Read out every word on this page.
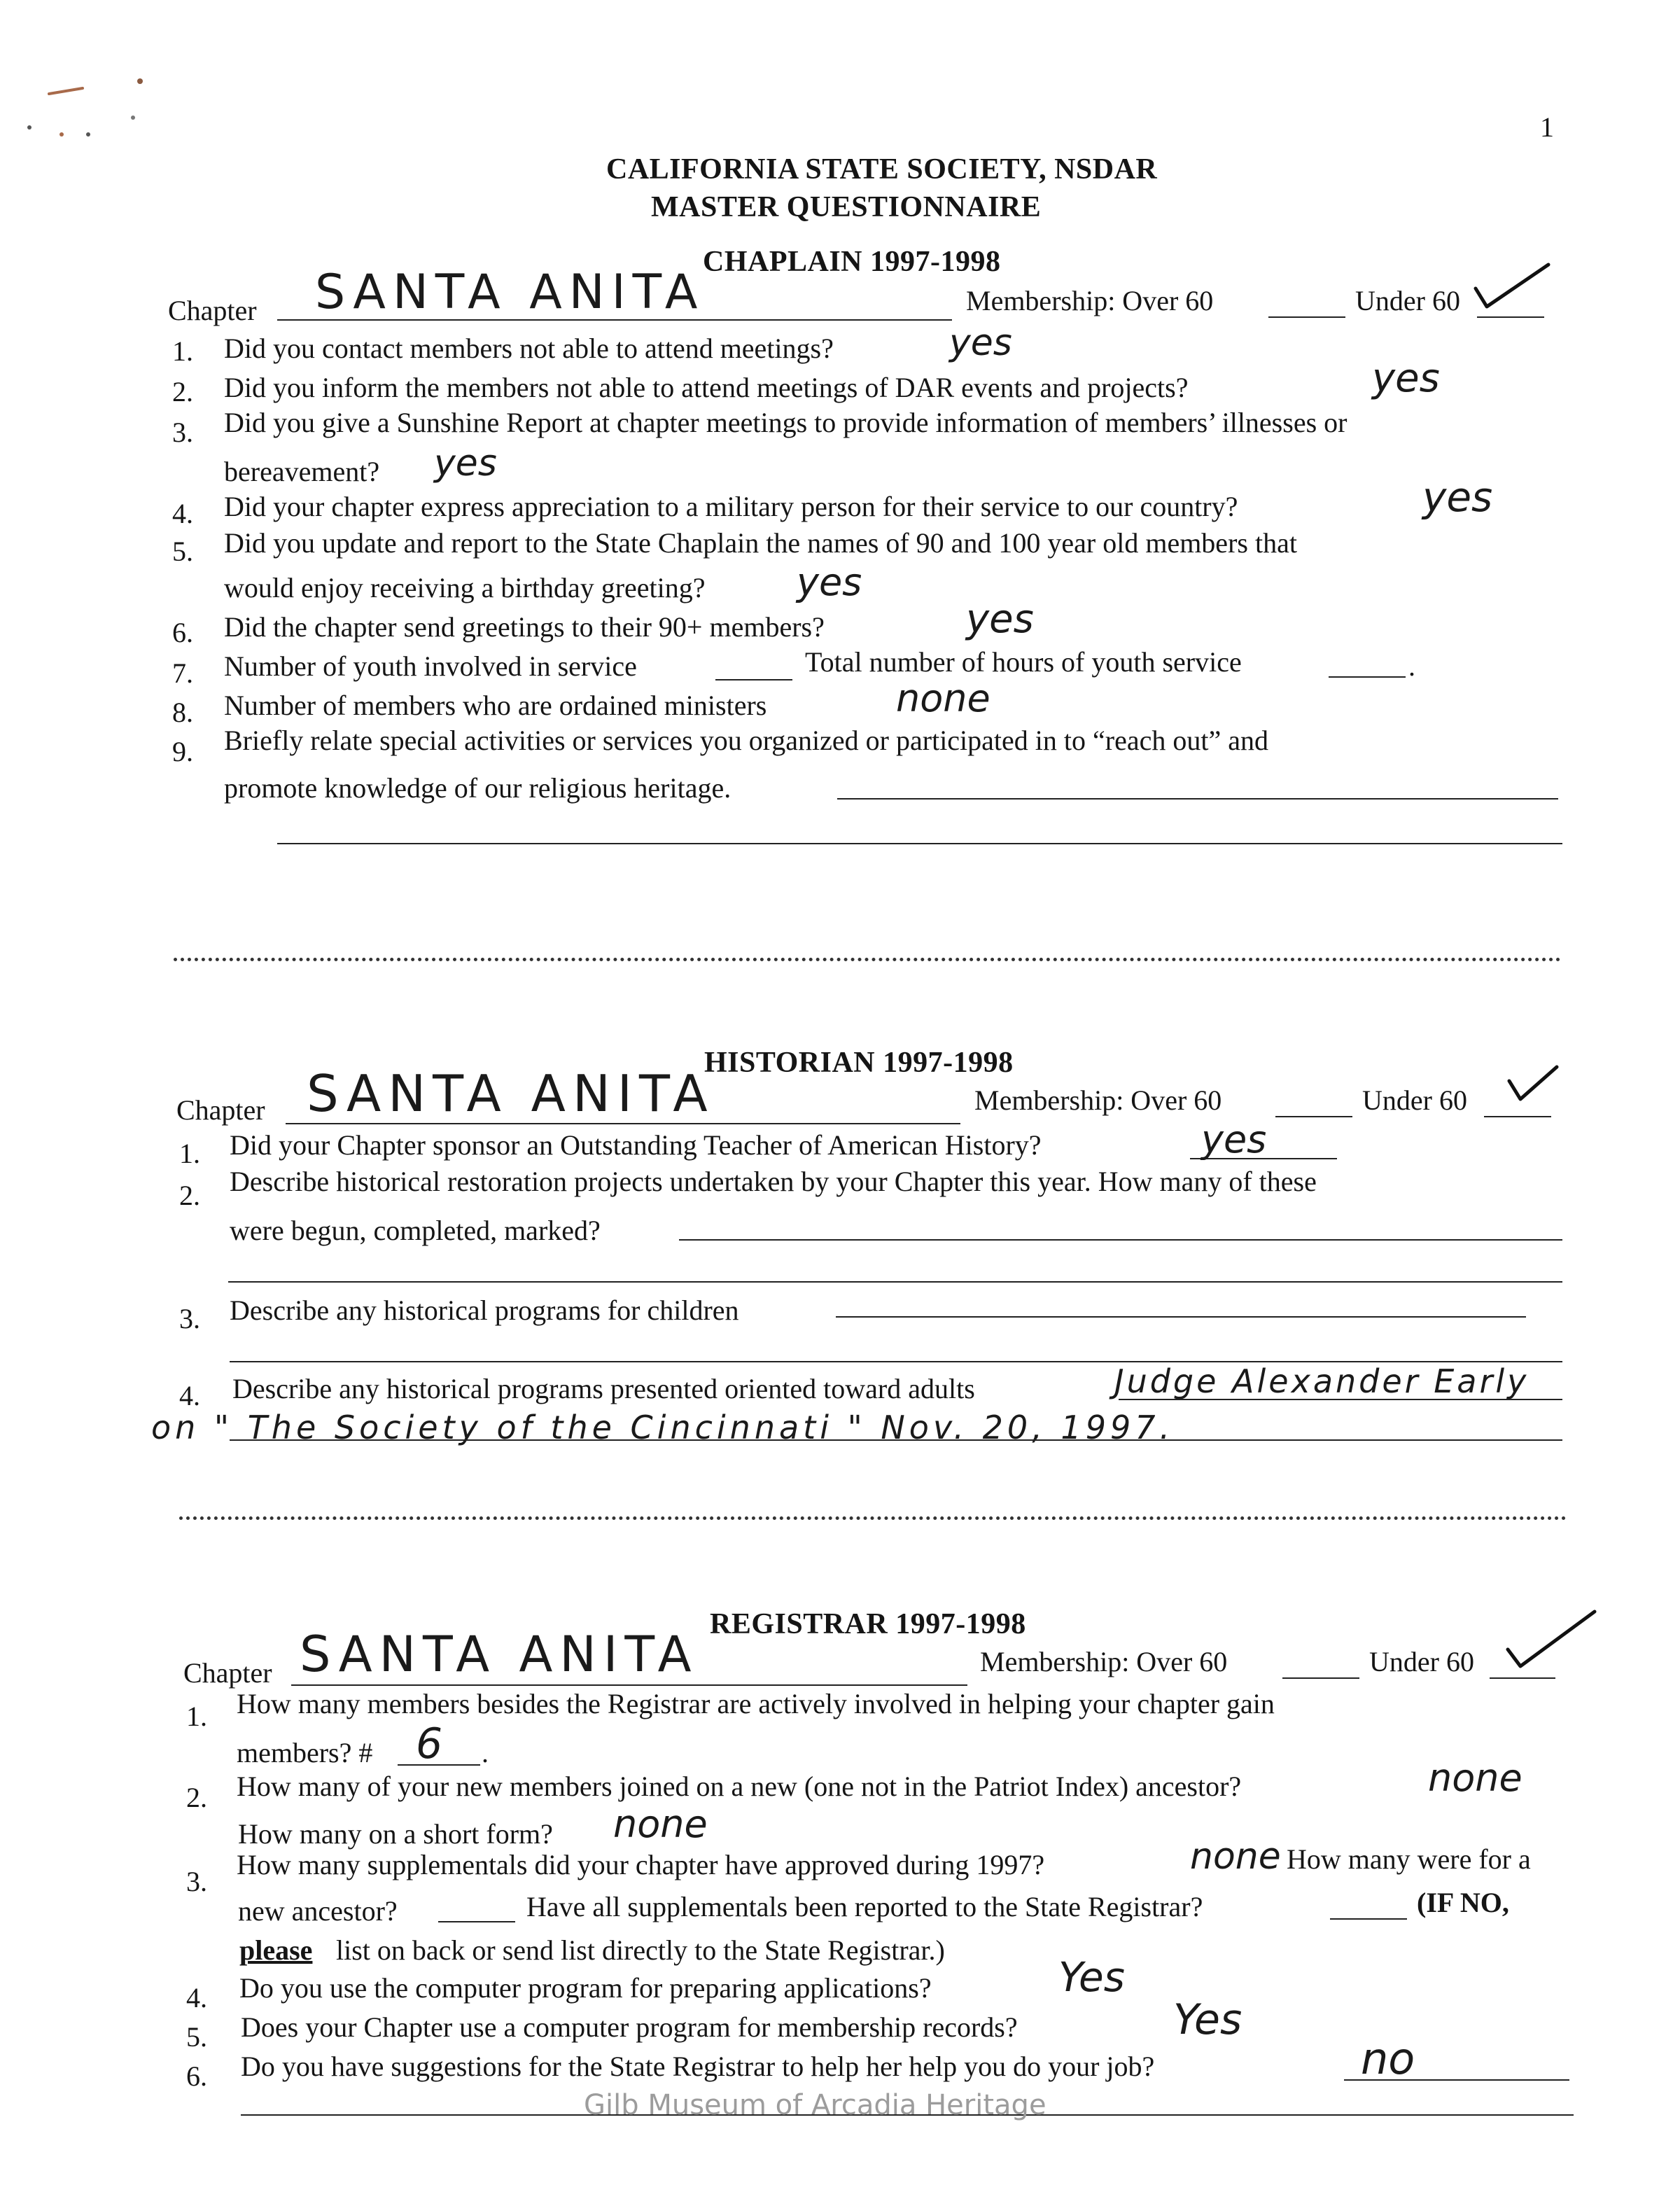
1
CALIFORNIA STATE SOCIETY, NSDAR
MASTER QUESTIONNAIRE
CHAPLAIN 1997-1998
Chapter SANTA ANITA	Membership: Over 60	Under 60
1. Did you contact members not able to attend meetings?	yes
2. Did you inform the members not able to attend meetings of DAR events and projects?	yes
3. Did you give a Sunshine Report at chapter meetings to provide information of members’ illnesses or
bereavement? yes
4. Did your chapter express appreciation to a military person for their service to our country?	yes
5. Did you update and report to the State Chaplain the names of 90 and 100 year old members that
would enjoy receiving a birthday greeting? yes
6. Did the chapter send greetings to their 90+ members?	yes
7. Number of youth involved in service	Total number of hours of youth service	.
8. Number of members who are ordained ministers	none
9. Briefly relate special activities or services you organized or participated in to “reach out” and
promote knowledge of our religious heritage.
HISTORIAN 1997-1998
Chapter SANTA ANITA	Membership: Over 60	Under 60
1. Did your Chapter sponsor an Outstanding Teacher of American History?	yes
2. Describe historical restoration projects undertaken by your Chapter this year. How many of these
were begun, completed, marked?
3. Describe any historical programs for children
4. Describe any historical programs presented oriented toward adults	Judge Alexander Early
on " The Society of the Cincinnati " Nov. 20, 1997.
REGISTRAR 1997-1998
Chapter SANTA ANITA	Membership: Over 60	Under 60
1. How many members besides the Registrar are actively involved in helping your chapter gain
members? # 6 .
2. How many of your new members joined on a new (one not in the Patriot Index) ancestor?	none
How many on a short form? none
3.
How many supplementals did your chapter have approved during 1997?	none How many were for a
new ancestor?	Have all supplementals been reported to the State Registrar?	(IF NO,
please list on back or send list directly to the State Registrar.)
4. Do you use the computer program for preparing applications?	Yes
5. Does your Chapter use a computer program for membership records?	Yes
6. Do you have suggestions for the State Registrar to help her help you do your job?	no
Gilb Museum of Arcadia Heritage
